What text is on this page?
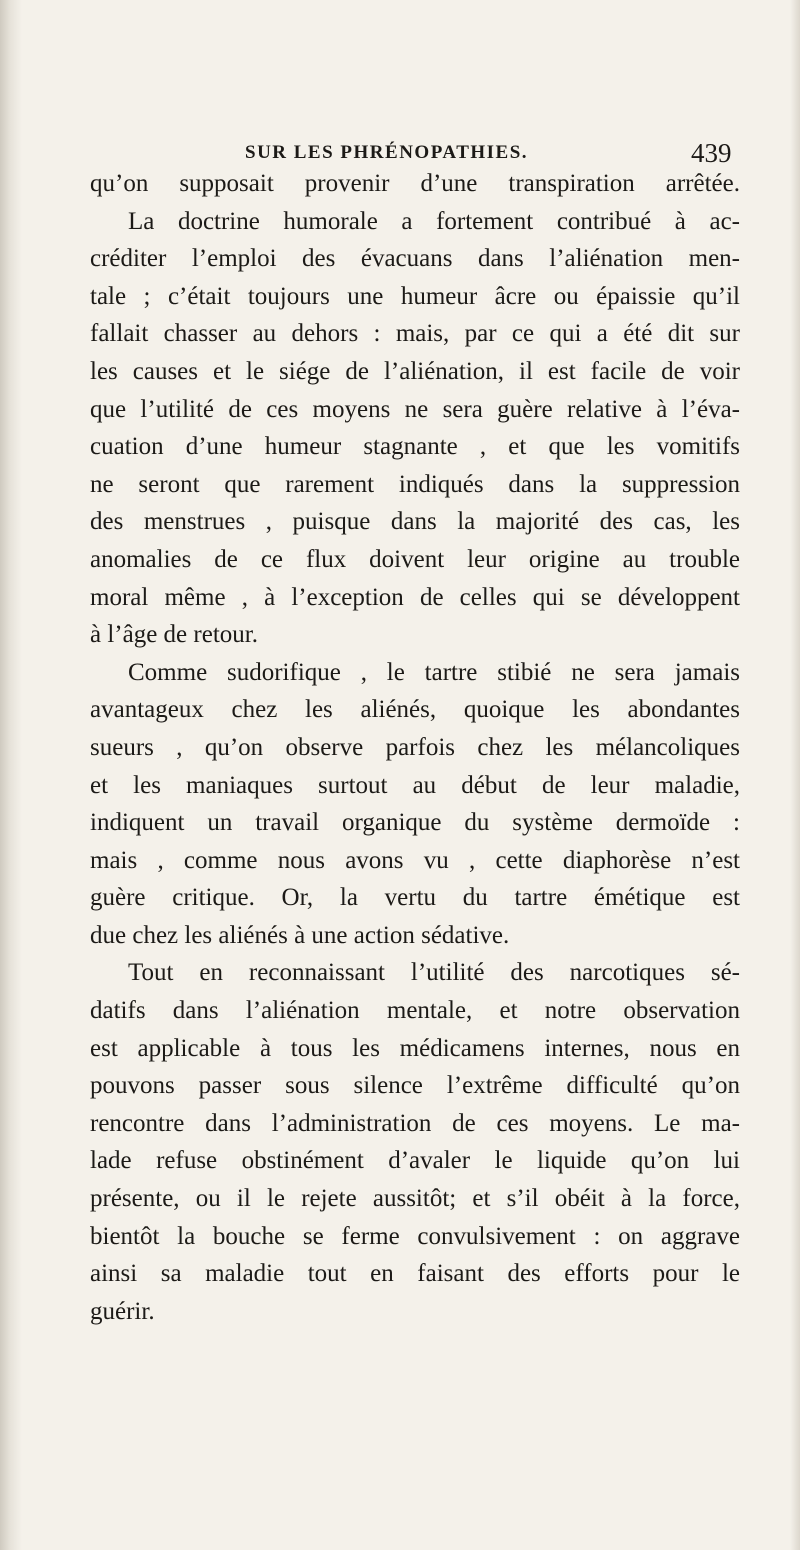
SUR LES PHRÉNOPATHIES.	439
qu’on supposait provenir d’une transpiration arrêtée.
La doctrine humorale a fortement contribué à ac-
créditer l’emploi des évacuans dans l’aliénation men-
tale ; c’était toujours une humeur âcre ou épaissie qu’il
fallait chasser au dehors : mais, par ce qui a été dit sur
les causes et le siége de l’aliénation, il est facile de voir
que l’utilité de ces moyens ne sera guère relative à l’éva-
cuation d’une humeur stagnante , et que les vomitifs
ne seront que rarement indiqués dans la suppression
des menstrues , puisque dans la majorité des cas, les
anomalies de ce flux doivent leur origine au trouble
moral même , à l’exception de celles qui se développent
à l’âge de retour.
Comme sudorifique , le tartre stibié ne sera jamais
avantageux chez les aliénés, quoique les abondantes
sueurs , qu’on observe parfois chez les mélancoliques
et les maniaques surtout au début de leur maladie,
indiquent un travail organique du système dermoïde :
mais , comme nous avons vu , cette diaphorèse n’est
guère critique. Or, la vertu du tartre émétique est
due chez les aliénés à une action sédative.
Tout en reconnaissant l’utilité des narcotiques sé-
datifs dans l’aliénation mentale, et notre observation
est applicable à tous les médicamens internes, nous en
pouvons passer sous silence l’extrême difficulté qu’on
rencontre dans l’administration de ces moyens. Le ma-
lade refuse obstinément d’avaler le liquide qu’on lui
présente, ou il le rejete aussitôt; et s’il obéit à la force,
bientôt la bouche se ferme convulsivement : on aggrave
ainsi sa maladie tout en faisant des efforts pour le
guérir.
